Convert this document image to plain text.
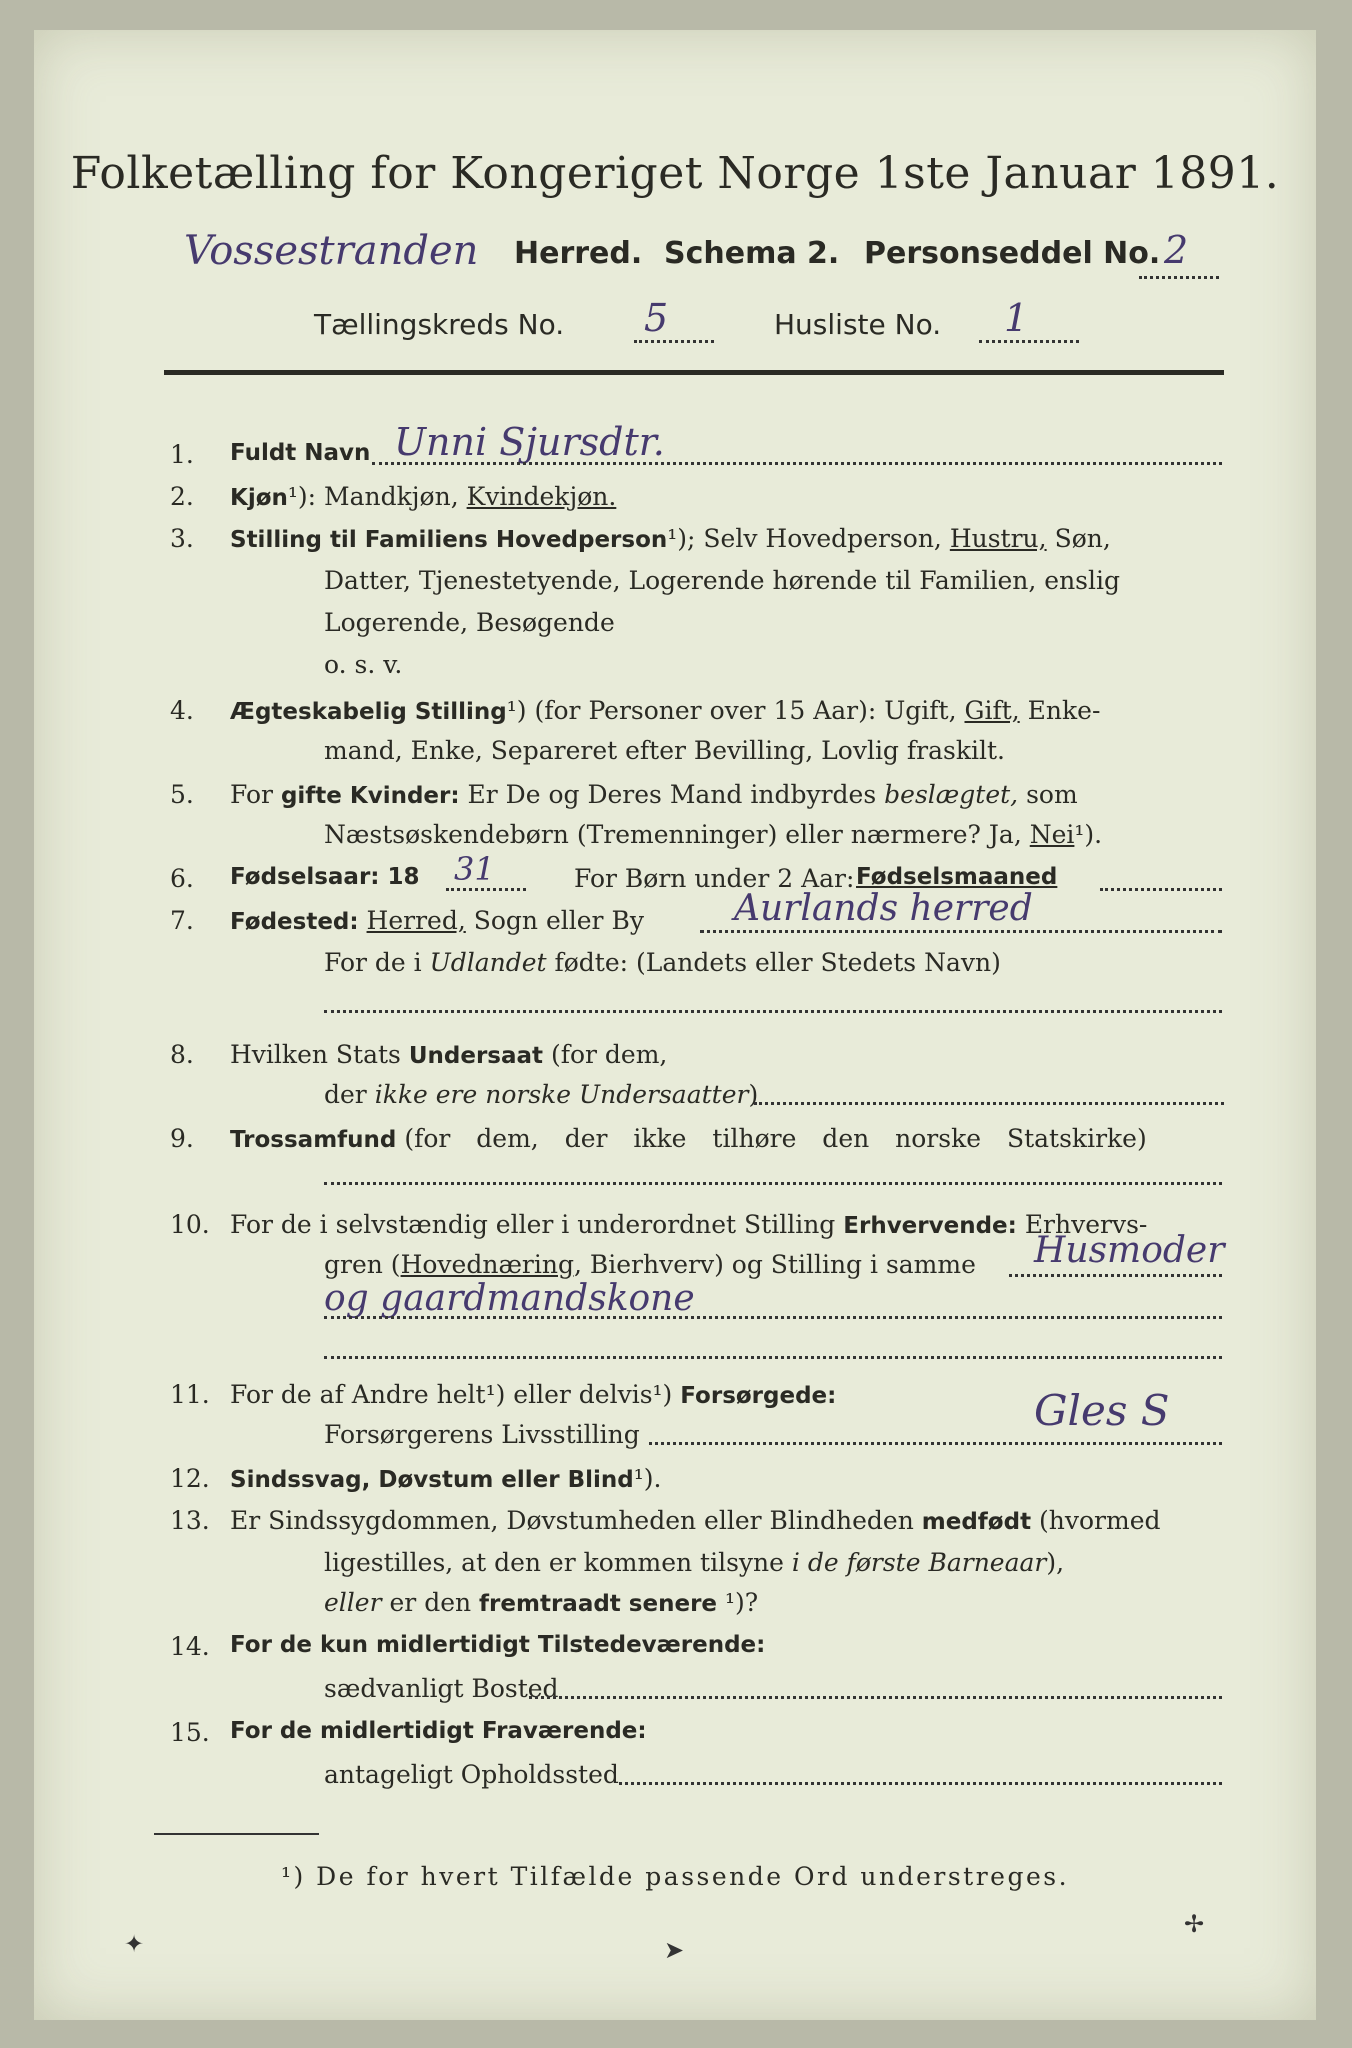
Folketælling for Kongeriget Norge 1ste Januar 1891.
Vossestranden Herred. Schema 2. Personseddel No. 2
Tællingskreds No. 5	Husliste No. 1
1. Fuldt Navn Unni Sjursdtr.
2. Kjøn¹): Mandkjøn, Kvindekjøn.
3. Stilling til Familiens Hovedperson¹); Selv Hovedperson, Hustru, Søn,
Datter, Tjenestetyende, Logerende hørende til Familien, enslig
Logerende, Besøgende
o. s. v.
4. Ægteskabelig Stilling¹) (for Personer over 15 Aar): Ugift, Gift, Enke-
mand, Enke, Separeret efter Bevilling, Lovlig fraskilt.
5. For gifte Kvinder: Er De og Deres Mand indbyrdes beslægtet, som
Næstsøskendebørn (Tremenninger) eller nærmere? Ja, Nei¹).
6. Fødselsaar: 18 31	For Børn under 2 Aar: Fødselsmaaned
7. Fødested: Herred, Sogn eller By	Aurlands herred
For de i Udlandet fødte: (Landets eller Stedets Navn)
8. Hvilken Stats Undersaat (for dem,
der ikke ere norske Undersaatter)
9. Trossamfund (for dem, der ikke tilhøre den norske Statskirke)
10. For de i selvstændig eller i underordnet Stilling Erhvervende: Erhvervs-
gren (Hovednæring, Bierhverv) og Stilling i samme Husmoder
og gaardmandskone
11. For de af Andre helt¹) eller delvis¹) Forsørgede:
Forsørgerens Livsstilling	Gles S
12. Sindssvag, Døvstum eller Blind¹).
13. Er Sindssygdommen, Døvstumheden eller Blindheden medfødt (hvormed
ligestilles, at den er kommen tilsyne i de første Barneaar),
eller er den fremtraadt senere ¹)?
14. For de kun midlertidigt Tilstedeværende:
sædvanligt Bosted
15. For de midlertidigt Fraværende:
antageligt Opholdssted
¹) De for hvert Tilfælde passende Ord understreges.
✦	➤
✢
